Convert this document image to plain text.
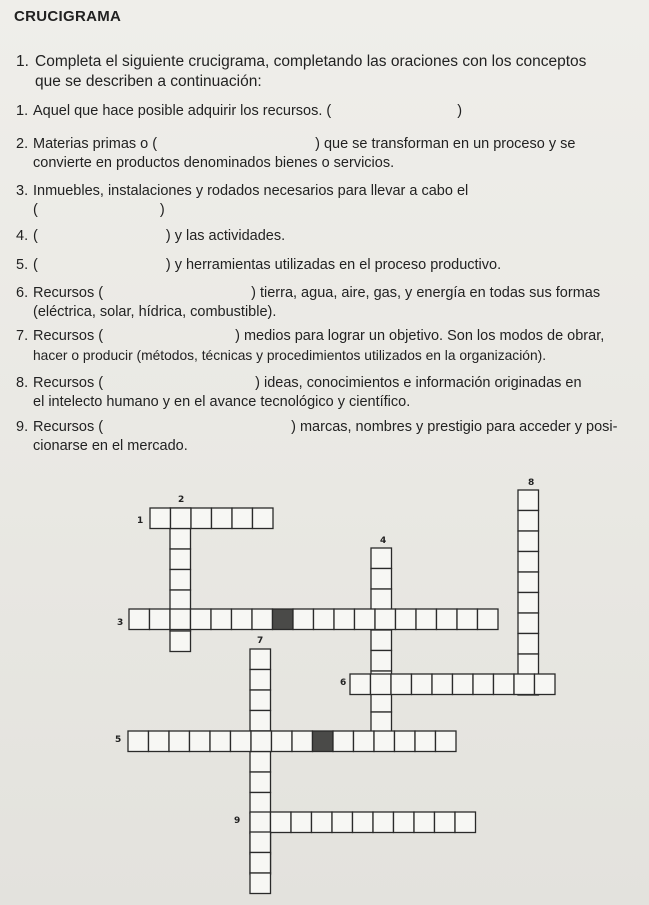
CRUCIGRAMA
1. Completa el siguiente crucigrama, completando las oraciones con los conceptos
que se describen a continuación:
1. Aquel que hace posible adquirir los recursos. (	)
2. Materias primas o (	) que se transforman en un proceso y se
convierte en productos denominados bienes o servicios.
3. Inmuebles, instalaciones y rodados necesarios para llevar a cabo el
(	)
4. (	) y las actividades.
5. (	) y herramientas utilizadas en el proceso productivo.
6. Recursos (	) tierra, agua, aire, gas, y energía en todas sus formas
(eléctrica, solar, hídrica, combustible).
7. Recursos (	) medios para lograr un objetivo. Son los modos de obrar,
hacer o producir (métodos, técnicas y procedimientos utilizados en la organización).
8. Recursos (	) ideas, conocimientos e información originadas en
el intelecto humano y en el avance tecnológico y científico.
9. Recursos (	) marcas, nombres y prestigio para acceder y posi-
cionarse en el mercado.
2
1
8
4
3
7
6
5
9
